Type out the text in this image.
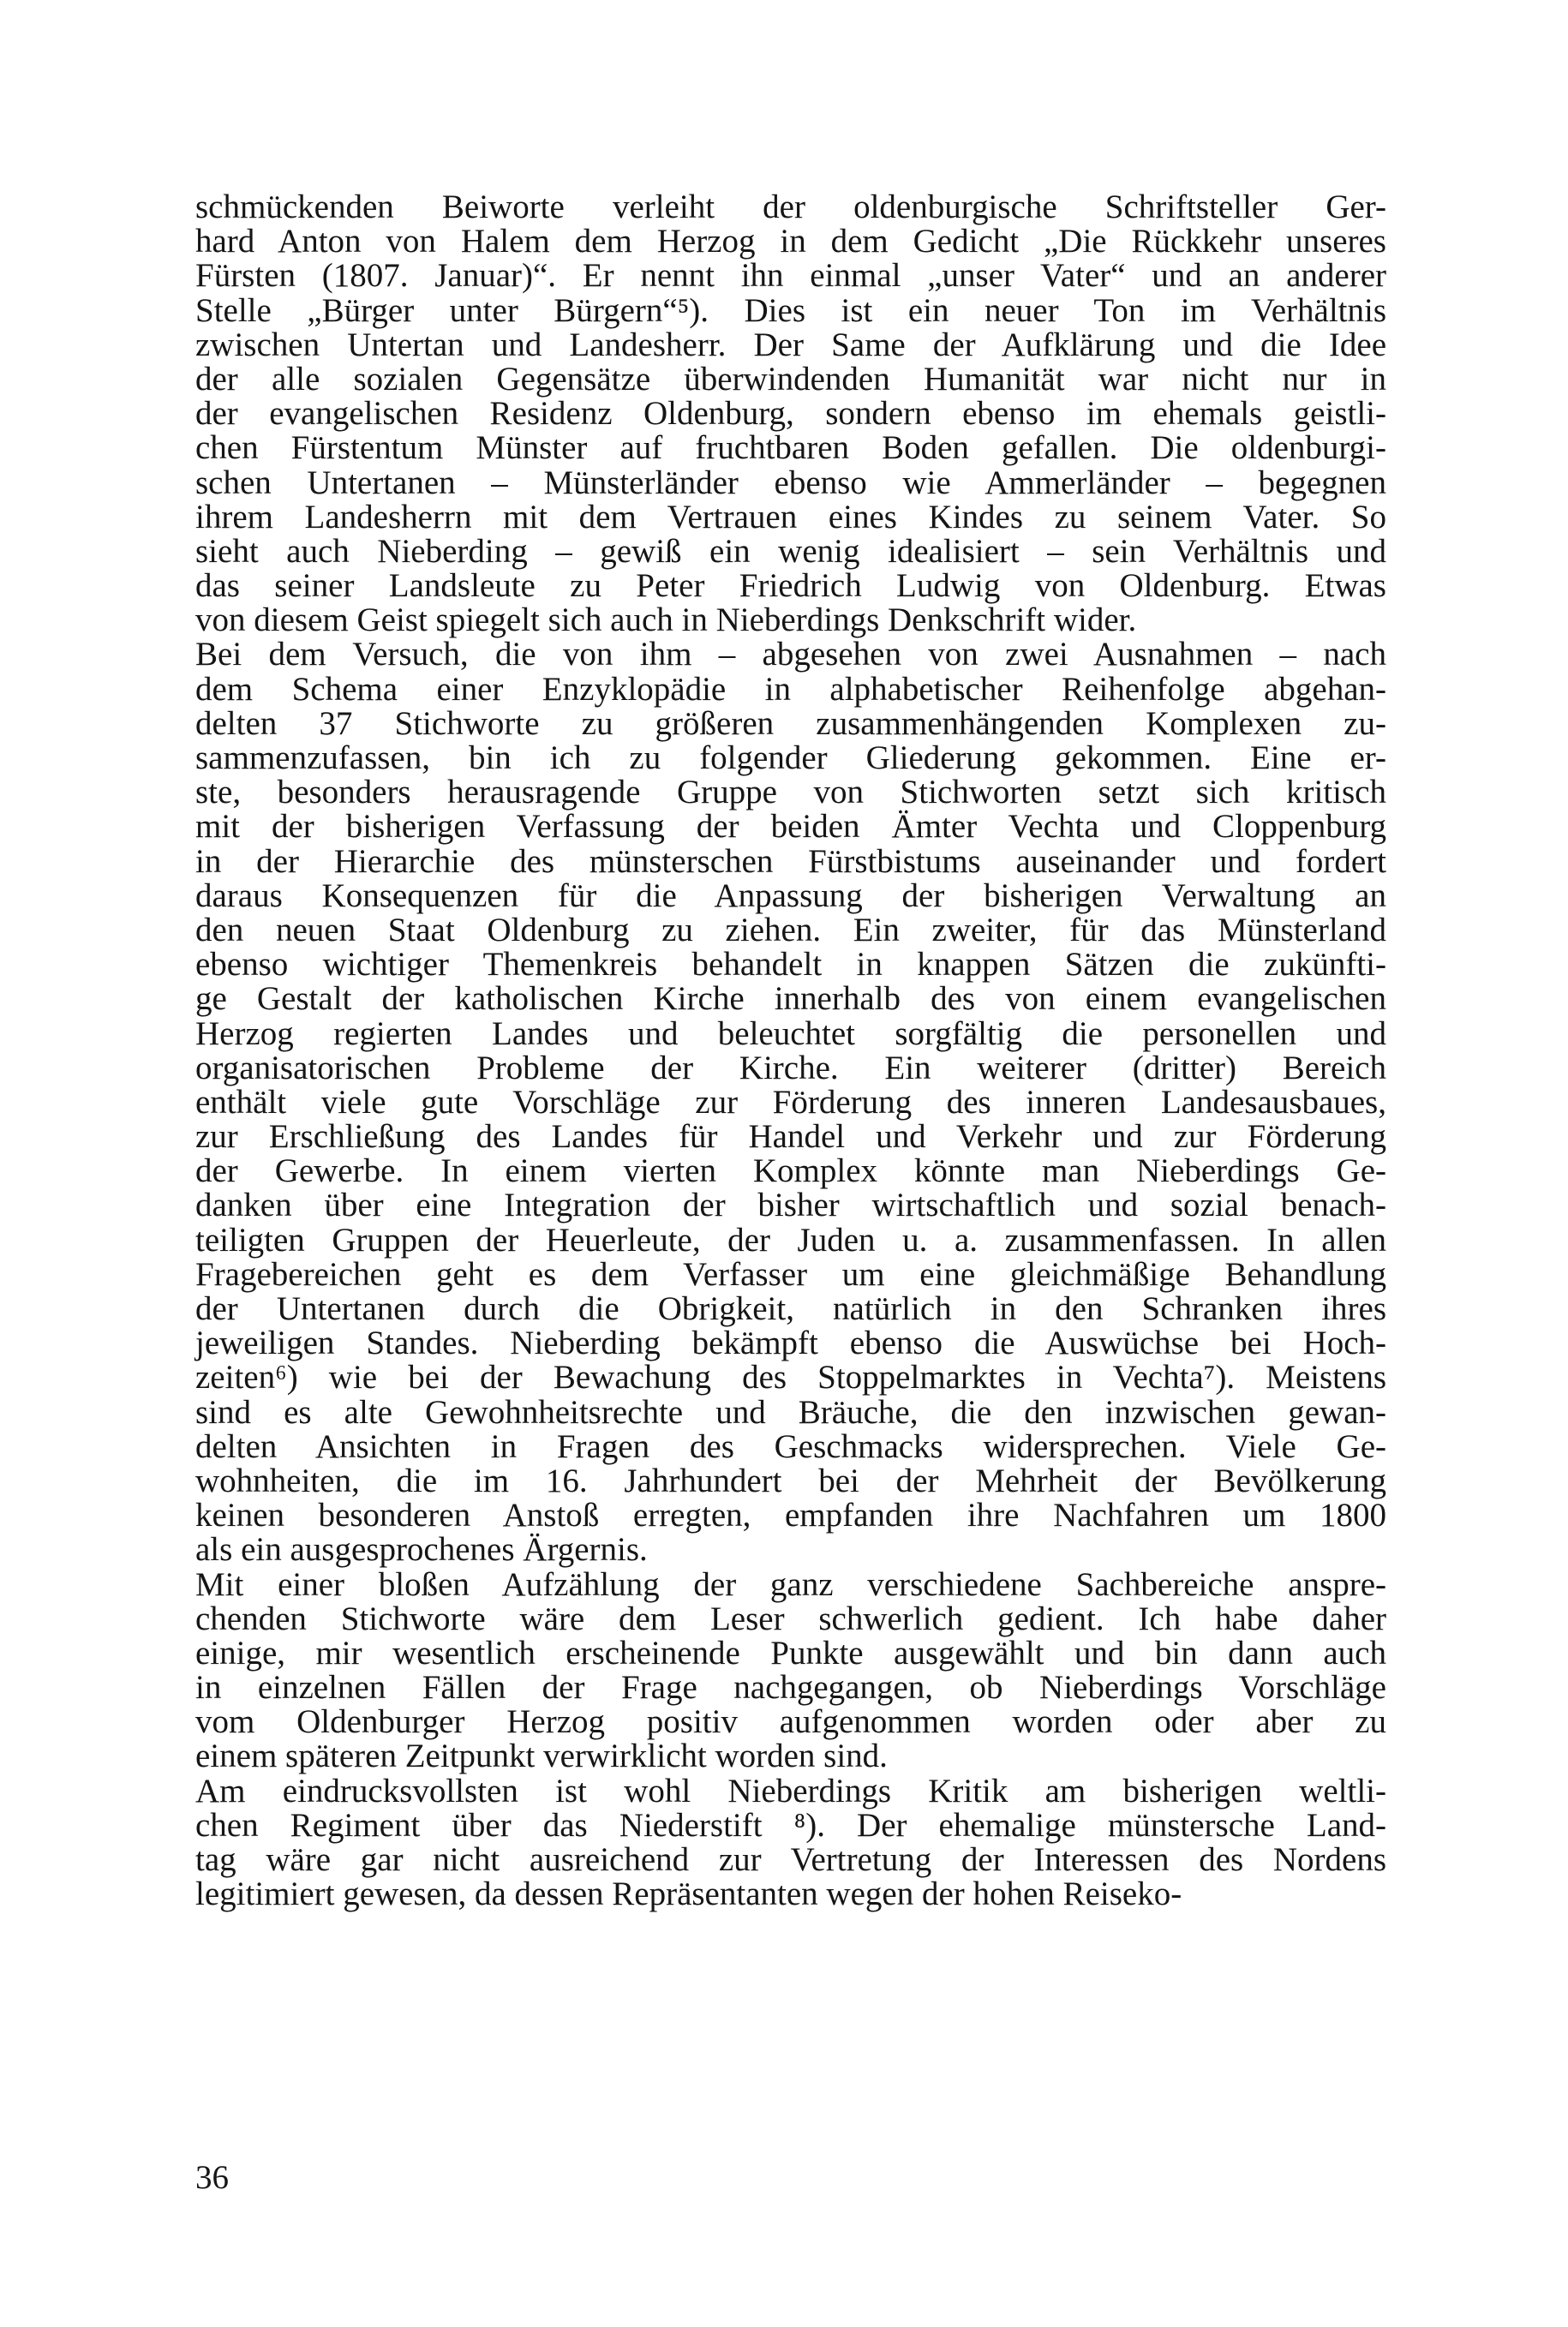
schmückenden Beiworte verleiht der oldenburgische Schriftsteller Ger-
hard Anton von Halem dem Herzog in dem Gedicht „Die Rückkehr unseres
Fürsten (1807. Januar)“. Er nennt ihn einmal „unser Vater“ und an anderer
Stelle „Bürger unter Bürgern“⁵). Dies ist ein neuer Ton im Verhältnis
zwischen Untertan und Landesherr. Der Same der Aufklärung und die Idee
der alle sozialen Gegensätze überwindenden Humanität war nicht nur in
der evangelischen Residenz Oldenburg, sondern ebenso im ehemals geistli-
chen Fürstentum Münster auf fruchtbaren Boden gefallen. Die oldenburgi-
schen Untertanen – Münsterländer ebenso wie Ammerländer – begegnen
ihrem Landesherrn mit dem Vertrauen eines Kindes zu seinem Vater. So
sieht auch Nieberding – gewiß ein wenig idealisiert – sein Verhältnis und
das seiner Landsleute zu Peter Friedrich Ludwig von Oldenburg. Etwas
von diesem Geist spiegelt sich auch in Nieberdings Denkschrift wider.
Bei dem Versuch, die von ihm – abgesehen von zwei Ausnahmen – nach
dem Schema einer Enzyklopädie in alphabetischer Reihenfolge abgehan-
delten 37 Stichworte zu größeren zusammenhängenden Komplexen zu-
sammenzufassen, bin ich zu folgender Gliederung gekommen. Eine er-
ste, besonders herausragende Gruppe von Stichworten setzt sich kritisch
mit der bisherigen Verfassung der beiden Ämter Vechta und Cloppenburg
in der Hierarchie des münsterschen Fürstbistums auseinander und fordert
daraus Konsequenzen für die Anpassung der bisherigen Verwaltung an
den neuen Staat Oldenburg zu ziehen. Ein zweiter, für das Münsterland
ebenso wichtiger Themenkreis behandelt in knappen Sätzen die zukünfti-
ge Gestalt der katholischen Kirche innerhalb des von einem evangelischen
Herzog regierten Landes und beleuchtet sorgfältig die personellen und
organisatorischen Probleme der Kirche. Ein weiterer (dritter) Bereich
enthält viele gute Vorschläge zur Förderung des inneren Landesausbaues,
zur Erschließung des Landes für Handel und Verkehr und zur Förderung
der Gewerbe. In einem vierten Komplex könnte man Nieberdings Ge-
danken über eine Integration der bisher wirtschaftlich und sozial benach-
teiligten Gruppen der Heuerleute, der Juden u. a. zusammenfassen. In allen
Fragebereichen geht es dem Verfasser um eine gleichmäßige Behandlung
der Untertanen durch die Obrigkeit, natürlich in den Schranken ihres
jeweiligen Standes. Nieberding bekämpft ebenso die Auswüchse bei Hoch-
zeiten⁶) wie bei der Bewachung des Stoppelmarktes in Vechta⁷). Meistens
sind es alte Gewohnheitsrechte und Bräuche, die den inzwischen gewan-
delten Ansichten in Fragen des Geschmacks widersprechen. Viele Ge-
wohnheiten, die im 16. Jahrhundert bei der Mehrheit der Bevölkerung
keinen besonderen Anstoß erregten, empfanden ihre Nachfahren um 1800
als ein ausgesprochenes Ärgernis.
Mit einer bloßen Aufzählung der ganz verschiedene Sachbereiche anspre-
chenden Stichworte wäre dem Leser schwerlich gedient. Ich habe daher
einige, mir wesentlich erscheinende Punkte ausgewählt und bin dann auch
in einzelnen Fällen der Frage nachgegangen, ob Nieberdings Vorschläge
vom Oldenburger Herzog positiv aufgenommen worden oder aber zu
einem späteren Zeitpunkt verwirklicht worden sind.
Am eindrucksvollsten ist wohl Nieberdings Kritik am bisherigen weltli-
chen Regiment über das Niederstift ⁸). Der ehemalige münstersche Land-
tag wäre gar nicht ausreichend zur Vertretung der Interessen des Nordens
legitimiert gewesen, da dessen Repräsentanten wegen der hohen Reiseko-
36
